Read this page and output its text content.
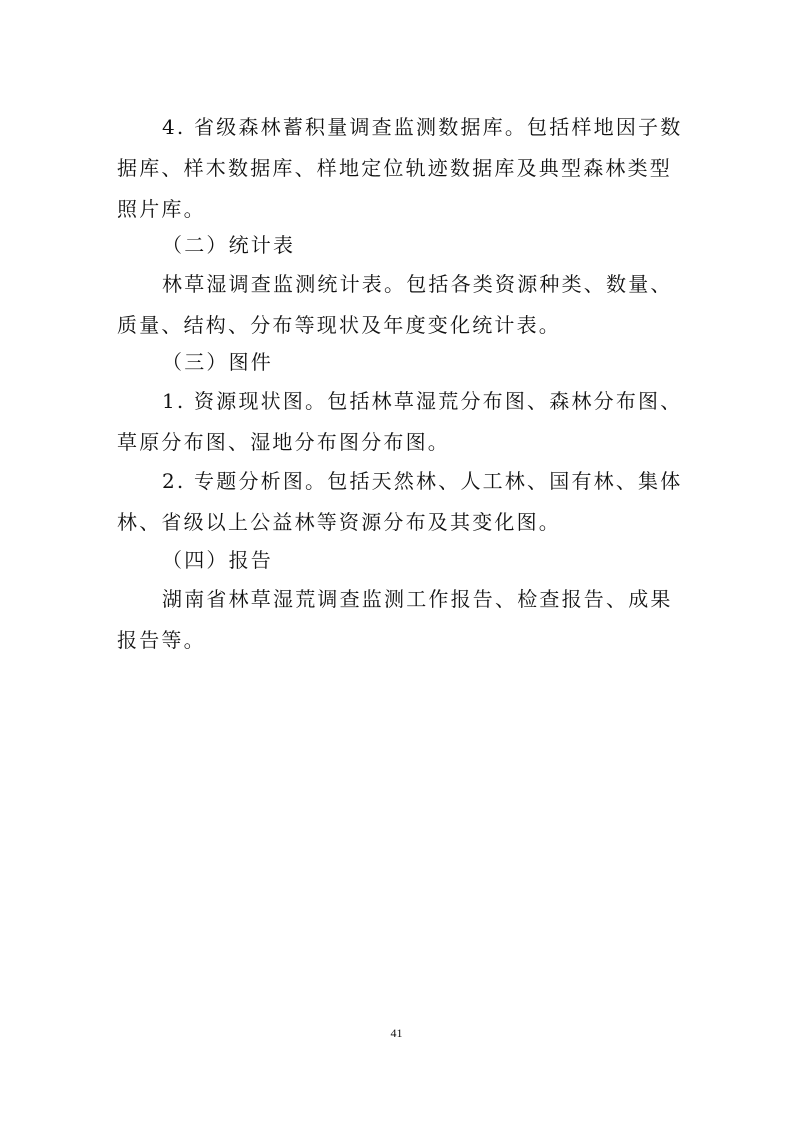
4. 省级森林蓄积量调查监测数据库。包括样地因子数据库、样木数据库、样地定位轨迹数据库及典型森林类型照片库。

（二）统计表

林草湿调查监测统计表。包括各类资源种类、数量、质量、结构、分布等现状及年度变化统计表。

（三）图件

1. 资源现状图。包括林草湿荒分布图、森林分布图、草原分布图、湿地分布图分布图。

2. 专题分析图。包括天然林、人工林、国有林、集体林、省级以上公益林等资源分布及其变化图。

（四）报告

湖南省林草湿荒调查监测工作报告、检查报告、成果报告等。

41
